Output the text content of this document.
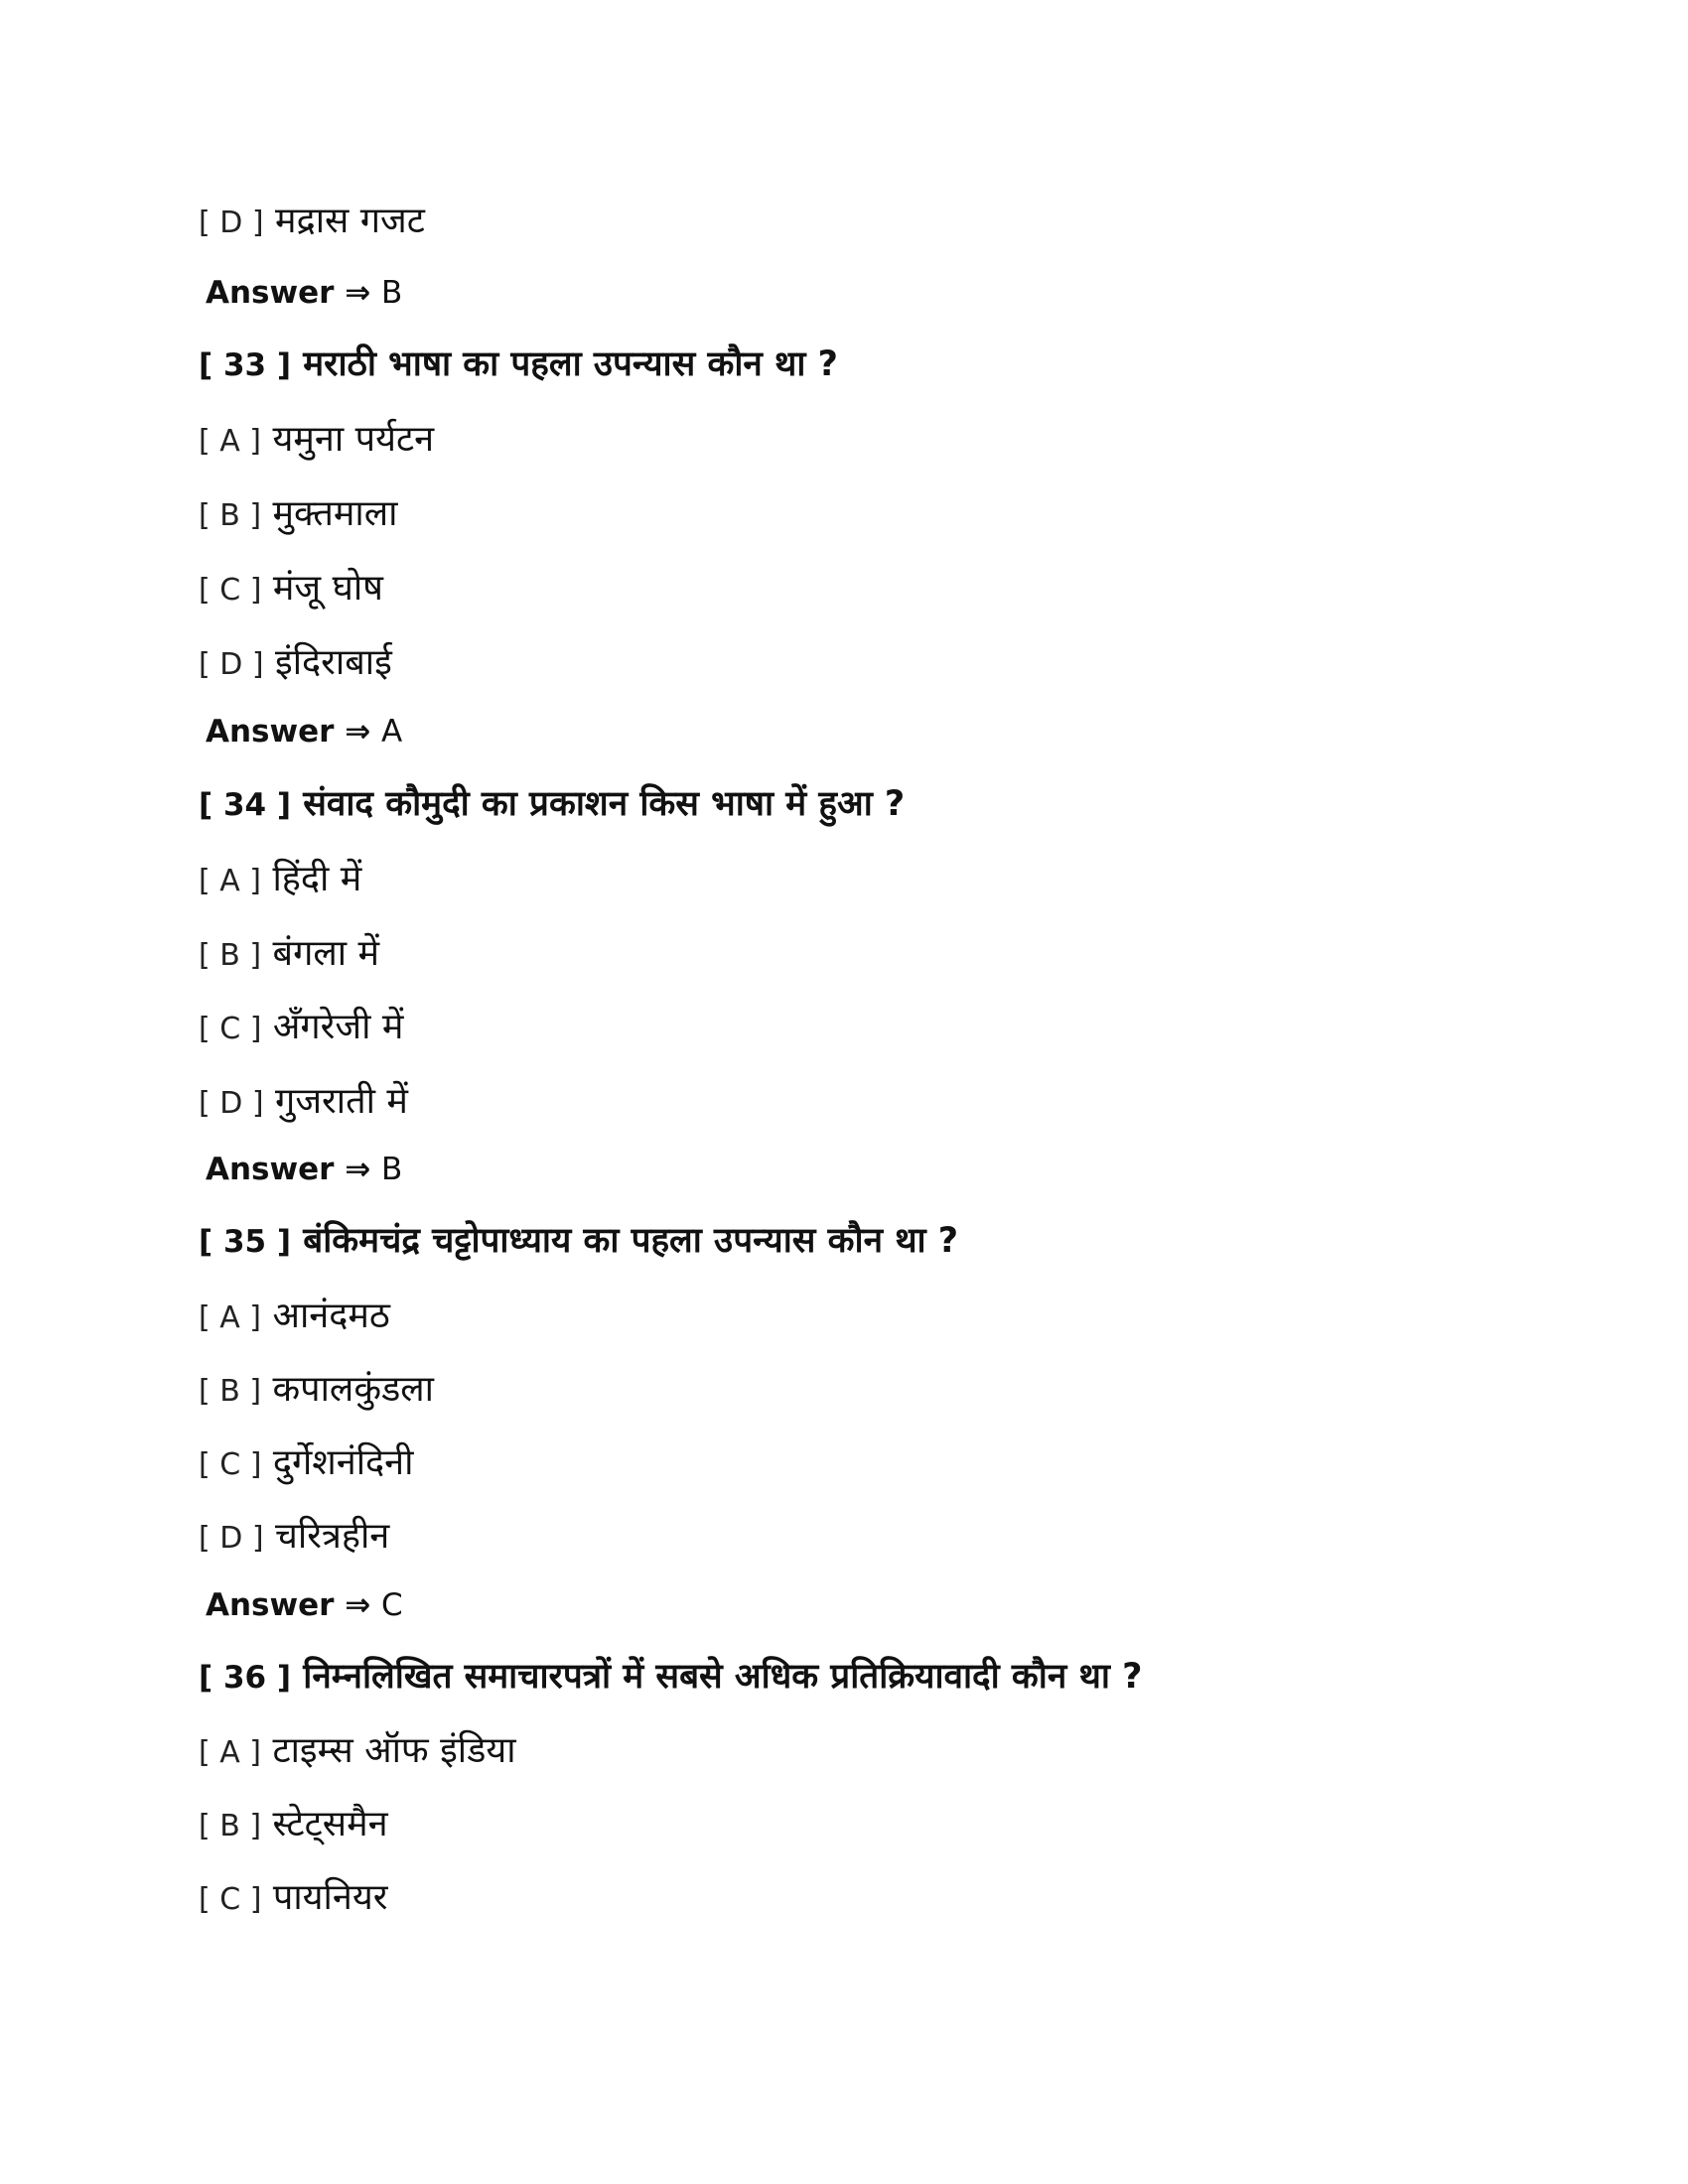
[ D ] मद्रास गजट
Answer ⇒ B
[ 33 ] मराठी भाषा का पहला उपन्यास कौन था ?
[ A ] यमुना पर्यटन
[ B ] मुक्तमाला
[ C ] मंजू घोष
[ D ] इंदिराबाई
Answer ⇒ A
[ 34 ] संवाद कौमुदी का प्रकाशन किस भाषा में हुआ ?
[ A ] हिंदी में
[ B ] बंगला में
[ C ] अँगरेजी में
[ D ] गुजराती में
Answer ⇒ B
[ 35 ] बंकिमचंद्र चट्टोपाध्याय का पहला उपन्यास कौन था ?
[ A ] आनंदमठ
[ B ] कपालकुंडला
[ C ] दुर्गेशनंदिनी
[ D ] चरित्रहीन
Answer ⇒ C
[ 36 ] निम्नलिखित समाचारपत्रों में सबसे अधिक प्रतिक्रियावादी कौन था ?
[ A ] टाइम्स ऑफ इंडिया
[ B ] स्टेट्समैन
[ C ] पायनियर
